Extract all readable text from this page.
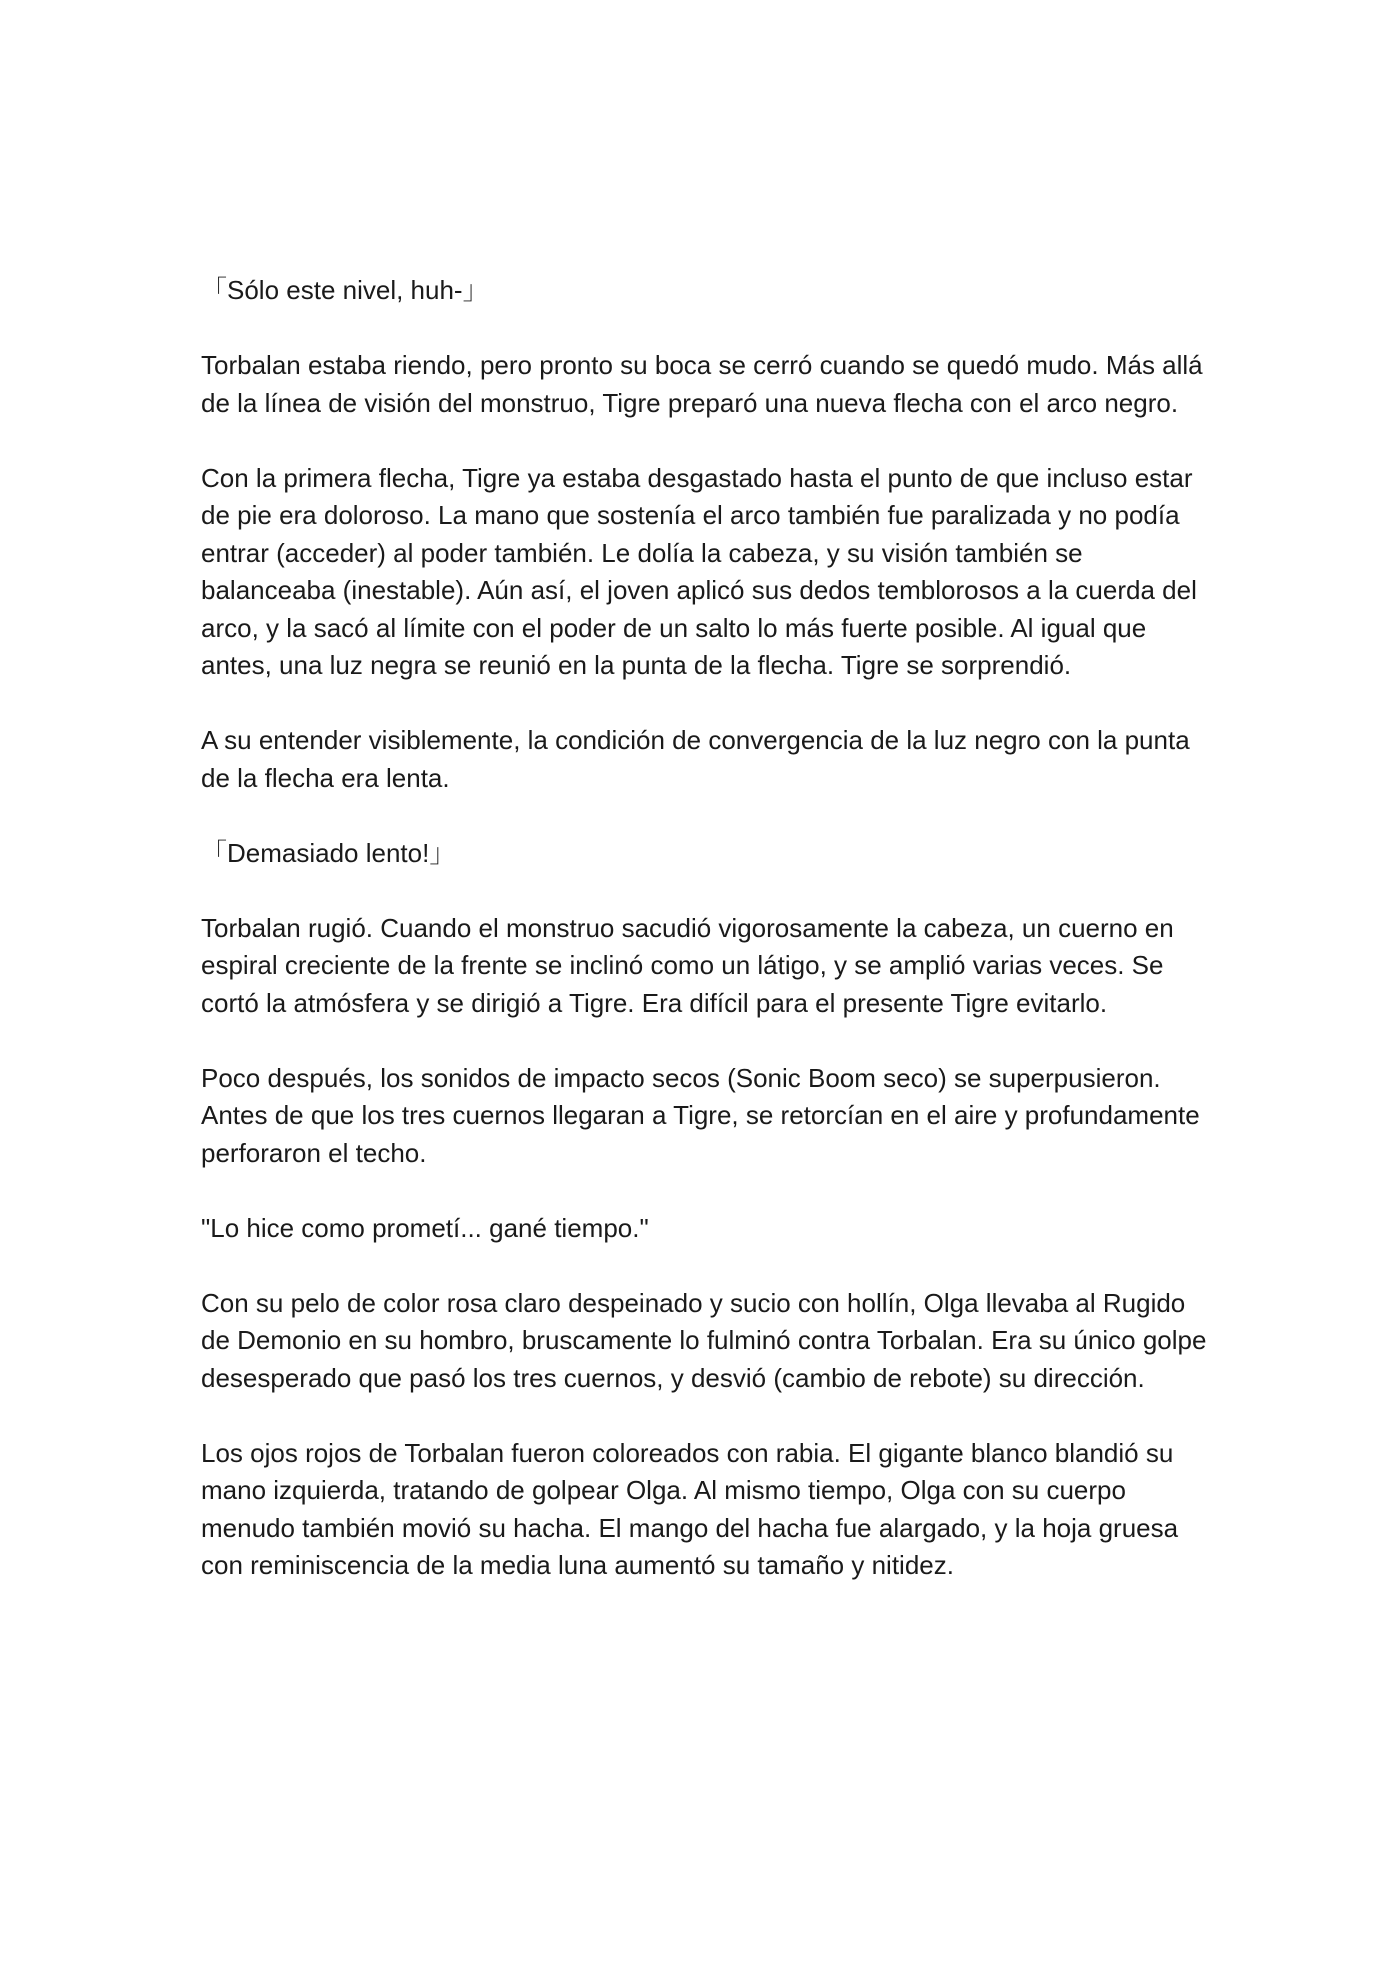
「Sólo este nivel, huh-」

Torbalan estaba riendo, pero pronto su boca se cerró cuando se quedó mudo. Más allá de la línea de visión del monstruo, Tigre preparó una nueva flecha con el arco negro.

Con la primera flecha, Tigre ya estaba desgastado hasta el punto de que incluso estar de pie era doloroso. La mano que sostenía el arco también fue paralizada y no podía entrar (acceder) al poder también. Le dolía la cabeza, y su visión también se balanceaba (inestable). Aún así, el joven aplicó sus dedos temblorosos a la cuerda del arco, y la sacó al límite con el poder de un salto lo más fuerte posible. Al igual que antes, una luz negra se reunió en la punta de la flecha. Tigre se sorprendió.

A su entender visiblemente, la condición de convergencia de la luz negro con la punta de la flecha era lenta.

「Demasiado lento!」

Torbalan rugió. Cuando el monstruo sacudió vigorosamente la cabeza, un cuerno en espiral creciente de la frente se inclinó como un látigo, y se amplió varias veces. Se cortó la atmósfera y se dirigió a Tigre. Era difícil para el presente Tigre evitarlo.

Poco después, los sonidos de impacto secos (Sonic Boom seco) se superpusieron. Antes de que los tres cuernos llegaran a Tigre, se retorcían en el aire y profundamente perforaron el techo.

"Lo hice como prometí... gané tiempo."

Con su pelo de color rosa claro despeinado y sucio con hollín, Olga llevaba al Rugido de Demonio en su hombro, bruscamente lo fulminó contra Torbalan. Era su único golpe desesperado que pasó los tres cuernos, y desvió (cambio de rebote) su dirección.

Los ojos rojos de Torbalan fueron coloreados con rabia. El gigante blanco blandió su mano izquierda, tratando de golpear Olga. Al mismo tiempo, Olga con su cuerpo menudo también movió su hacha. El mango del hacha fue alargado, y la hoja gruesa con reminiscencia de la media luna aumentó su tamaño y nitidez.
